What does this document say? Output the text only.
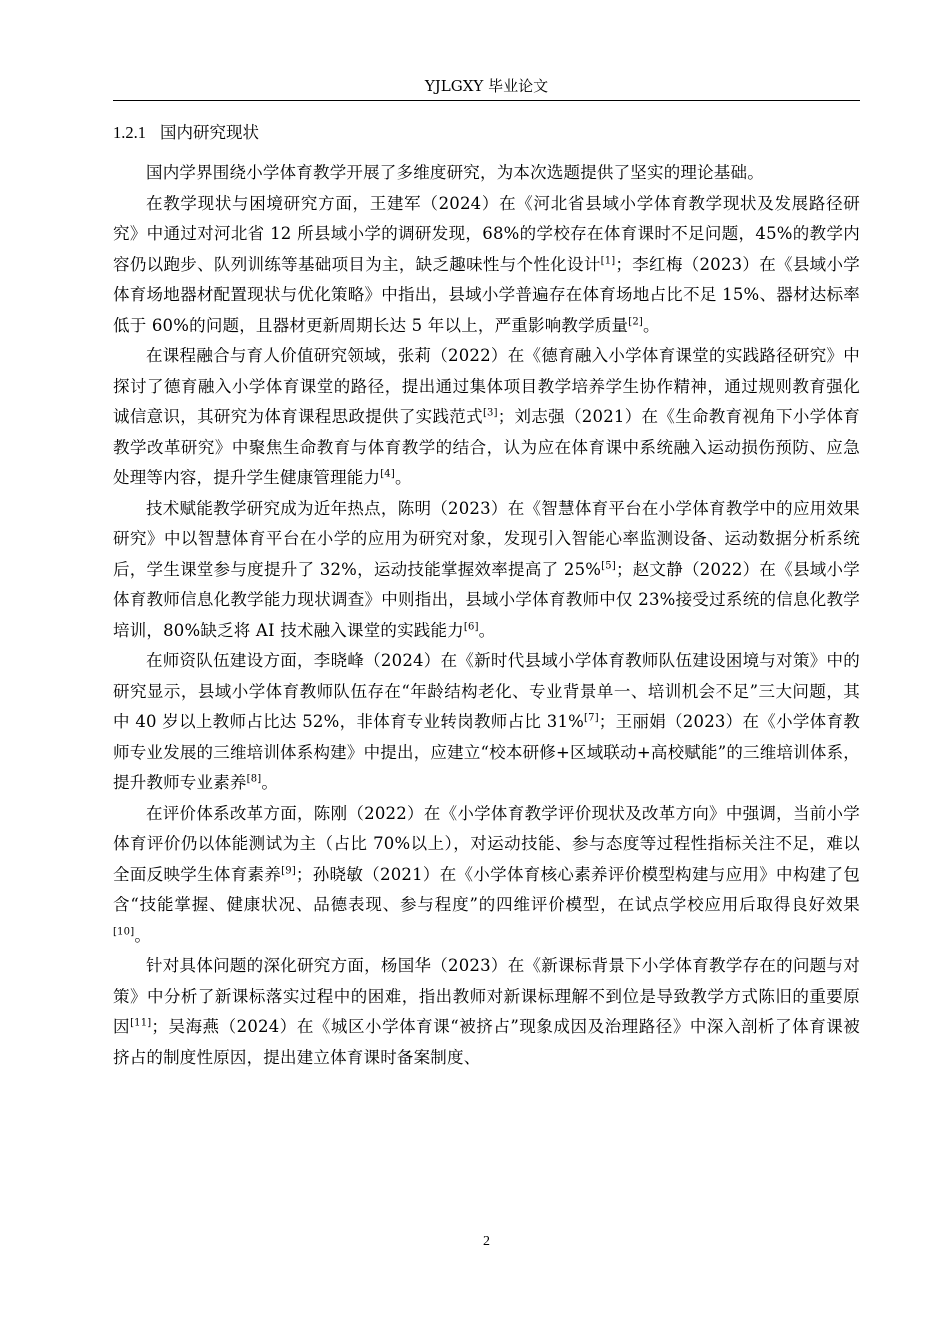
YJLGXY 毕业论文
1.2.1 国内研究现状

国内学界围绕小学体育教学开展了多维度研究，为本次选题提供了坚实的理论基础。

在教学现状与困境研究方面，王建军（2024）在《河北省县域小学体育教学现状及发展路径研究》中通过对河北省 12 所县域小学的调研发现，68%的学校存在体育课时不足问题，45%的教学内容仍以跑步、队列训练等基础项目为主，缺乏趣味性与个性化设计[1]；李红梅（2023）在《县域小学体育场地器材配置现状与优化策略》中指出，县域小学普遍存在体育场地占比不足 15%、器材达标率低于 60%的问题，且器材更新周期长达 5 年以上，严重影响教学质量[2]。

在课程融合与育人价值研究领域，张莉（2022）在《德育融入小学体育课堂的实践路径研究》中探讨了德育融入小学体育课堂的路径，提出通过集体项目教学培养学生协作精神，通过规则教育强化诚信意识，其研究为体育课程思政提供了实践范式[3]；刘志强（2021）在《生命教育视角下小学体育教学改革研究》中聚焦生命教育与体育教学的结合，认为应在体育课中系统融入运动损伤预防、应急处理等内容，提升学生健康管理能力[4]。

技术赋能教学研究成为近年热点，陈明（2023）在《智慧体育平台在小学体育教学中的应用效果研究》中以智慧体育平台在小学的应用为研究对象，发现引入智能心率监测设备、运动数据分析系统后，学生课堂参与度提升了 32%，运动技能掌握效率提高了 25%[5]；赵文静（2022）在《县域小学体育教师信息化教学能力现状调查》中则指出，县域小学体育教师中仅 23%接受过系统的信息化教学培训，80%缺乏将 AI 技术融入课堂的实践能力[6]。

在师资队伍建设方面，李晓峰（2024）在《新时代县域小学体育教师队伍建设困境与对策》中的研究显示，县域小学体育教师队伍存在“年龄结构老化、专业背景单一、培训机会不足”三大问题，其中 40 岁以上教师占比达 52%，非体育专业转岗教师占比 31%[7]；王丽娟（2023）在《小学体育教师专业发展的三维培训体系构建》中提出，应建立“校本研修+区域联动+高校赋能”的三维培训体系，提升教师专业素养[8]。

在评价体系改革方面，陈刚（2022）在《小学体育教学评价现状及改革方向》中强调，当前小学体育评价仍以体能测试为主（占比 70%以上），对运动技能、参与态度等过程性指标关注不足，难以全面反映学生体育素养[9]；孙晓敏（2021）在《小学体育核心素养评价模型构建与应用》中构建了包含“技能掌握、健康状况、品德表现、参与程度”的四维评价模型，在试点学校应用后取得良好效果[10]。

针对具体问题的深化研究方面，杨国华（2023）在《新课标背景下小学体育教学存在的问题与对策》中分析了新课标落实过程中的困难，指出教师对新课标理解不到位是导致教学方式陈旧的重要原因[11]；吴海燕（2024）在《城区小学体育课“被挤占”现象成因及治理路径》中深入剖析了体育课被挤占的制度性原因，提出建立体育课时备案制度、

2
